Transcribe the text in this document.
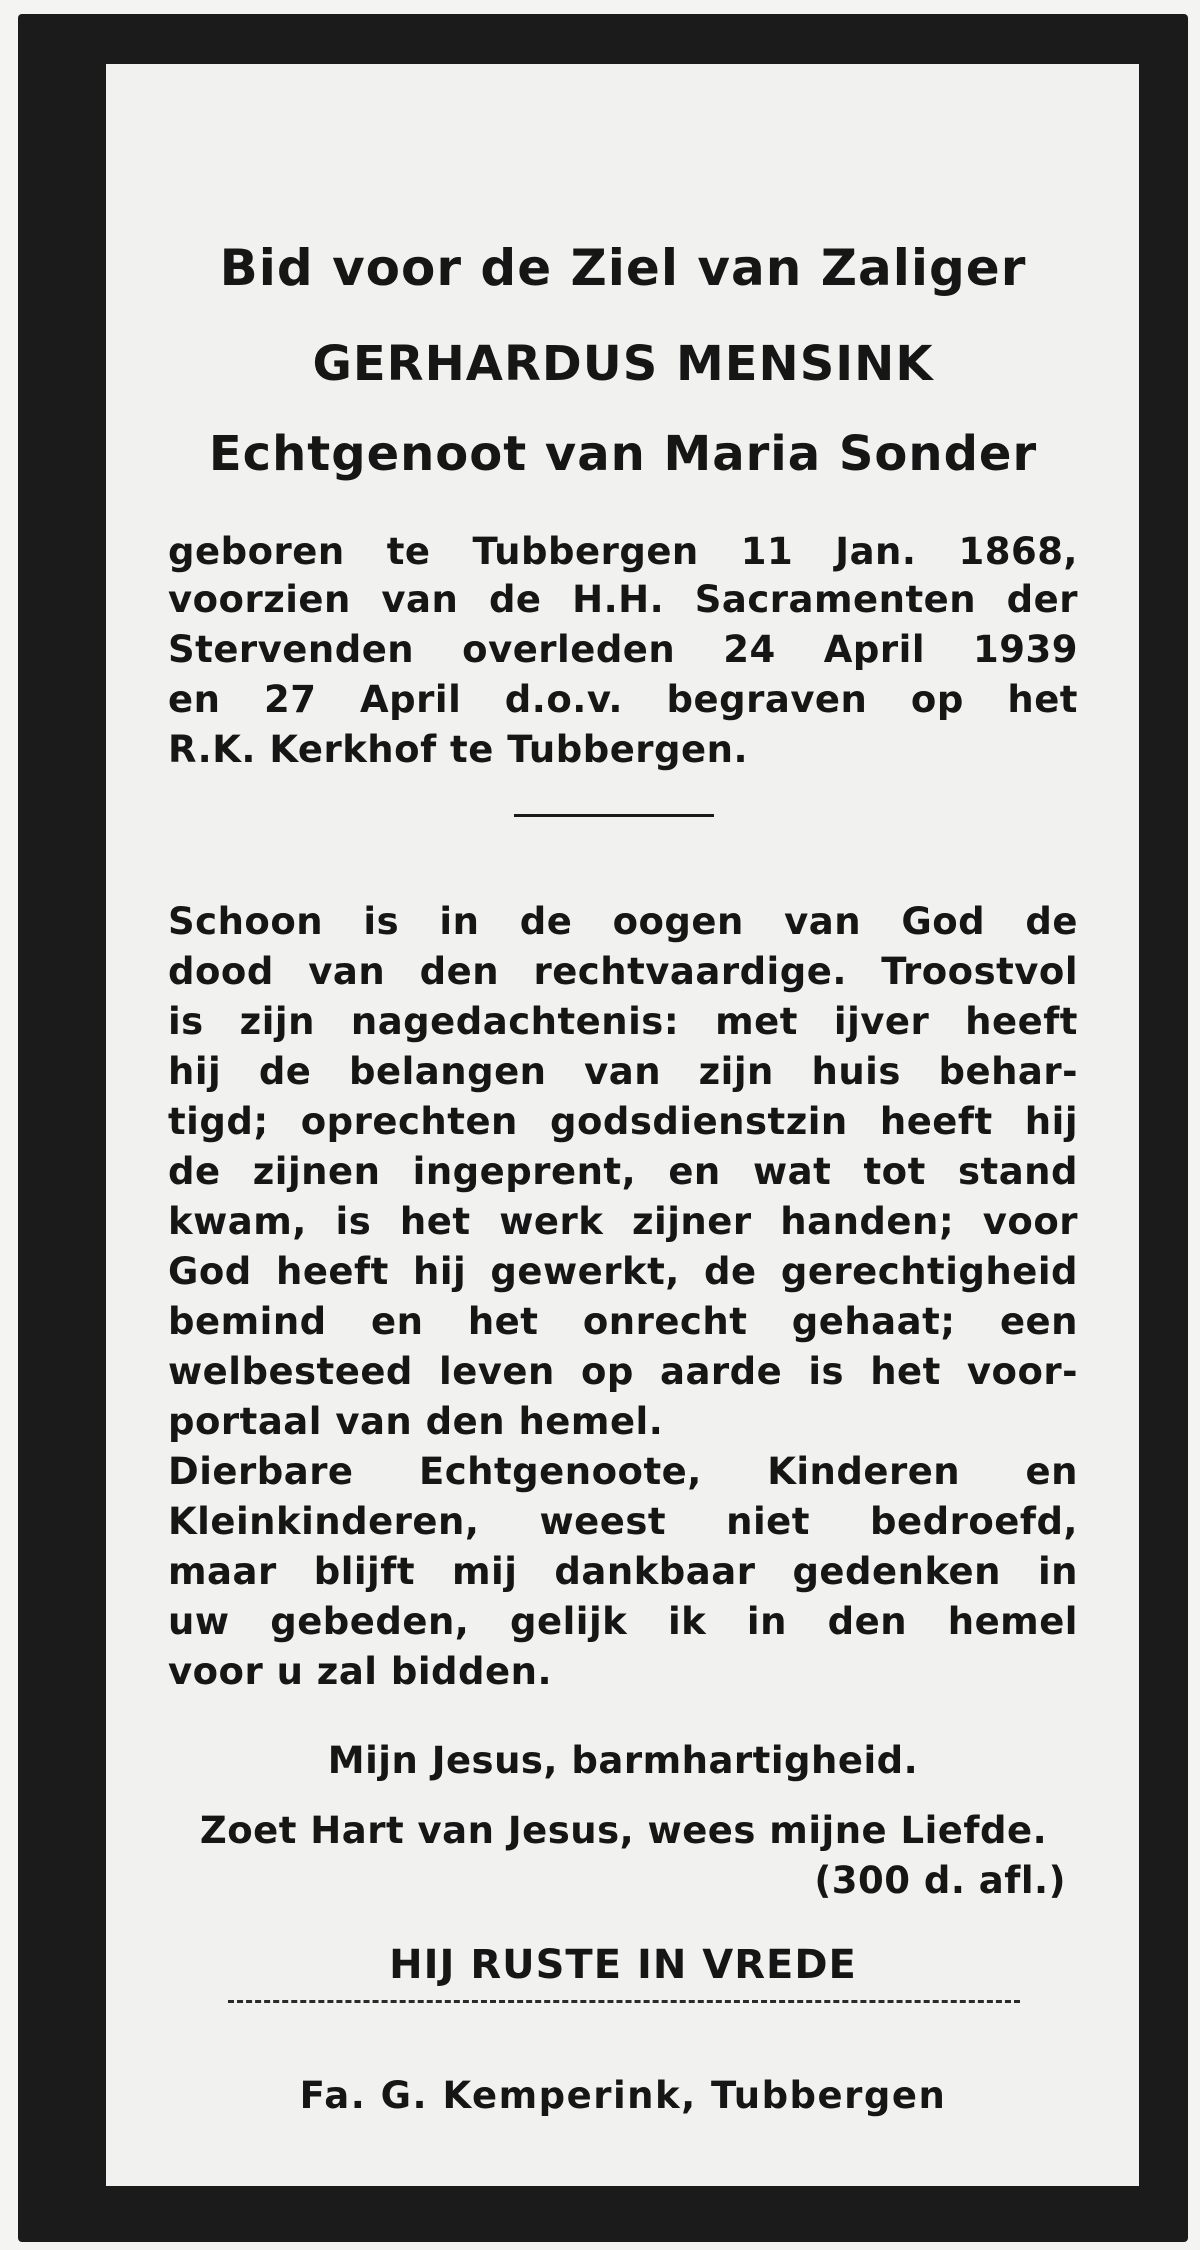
Bid voor de Ziel van Zaliger
GERHARDUS MENSINK
Echtgenoot van Maria Sonder
geboren te Tubbergen 11 Jan. 1868,
voorzien van de H.H. Sacramenten der
Stervenden overleden 24 April 1939
en 27 April d.o.v. begraven op het
R.K. Kerkhof te Tubbergen.
Schoon is in de oogen van God de
dood van den rechtvaardige. Troostvol
is zijn nagedachtenis: met ijver heeft
hij de belangen van zijn huis behar-
tigd; oprechten godsdienstzin heeft hij
de zijnen ingeprent, en wat tot stand
kwam, is het werk zijner handen; voor
God heeft hij gewerkt, de gerechtigheid
bemind en het onrecht gehaat; een
welbesteed leven op aarde is het voor-
portaal van den hemel.
Dierbare Echtgenoote, Kinderen en
Kleinkinderen, weest niet bedroefd,
maar blijft mij dankbaar gedenken in
uw gebeden, gelijk ik in den hemel
voor u zal bidden.
Mijn Jesus, barmhartigheid.
Zoet Hart van Jesus, wees mijne Liefde.
(300 d. afl.)
HIJ RUSTE IN VREDE
Fa. G. Kemperink, Tubbergen
